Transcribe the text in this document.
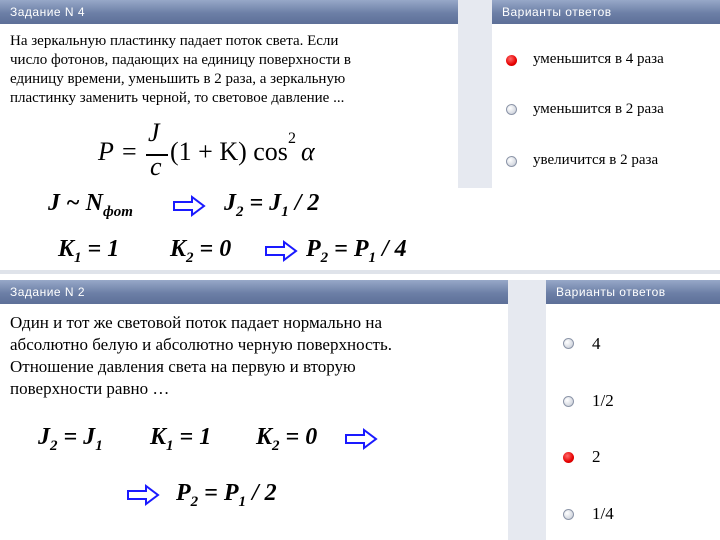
Задание N 4	Варианты ответов
На зеркальную пластинку падает поток света. Если
число фотонов, падающих на единицу поверхности в
единицу времени, уменьшить в 2 раза, а зеркальную
пластинку заменить черной, то световое давление ...
P =
J
c
(1 + K) cos 2 α
уменьшится в 4 раза
уменьшится в 2 раза
увеличится в 2 раза
J ~ $N_{фот}$	$J_2 = J_1 / 2$
$K_1 = 1$ $K_2 = 0$	$P_2 = P_1 / 4$
Задание N 2	Варианты ответов
Один и тот же световой поток падает нормально на
абсолютно белую и абсолютно черную поверхность.
Отношение давления света на первую и вторую
поверхности равно …
4
1/2
2
1/4
$J_2 = J_1$ $K_1 = 1$ $K_2 = 0$
$P_2 = P_1 / 2$
